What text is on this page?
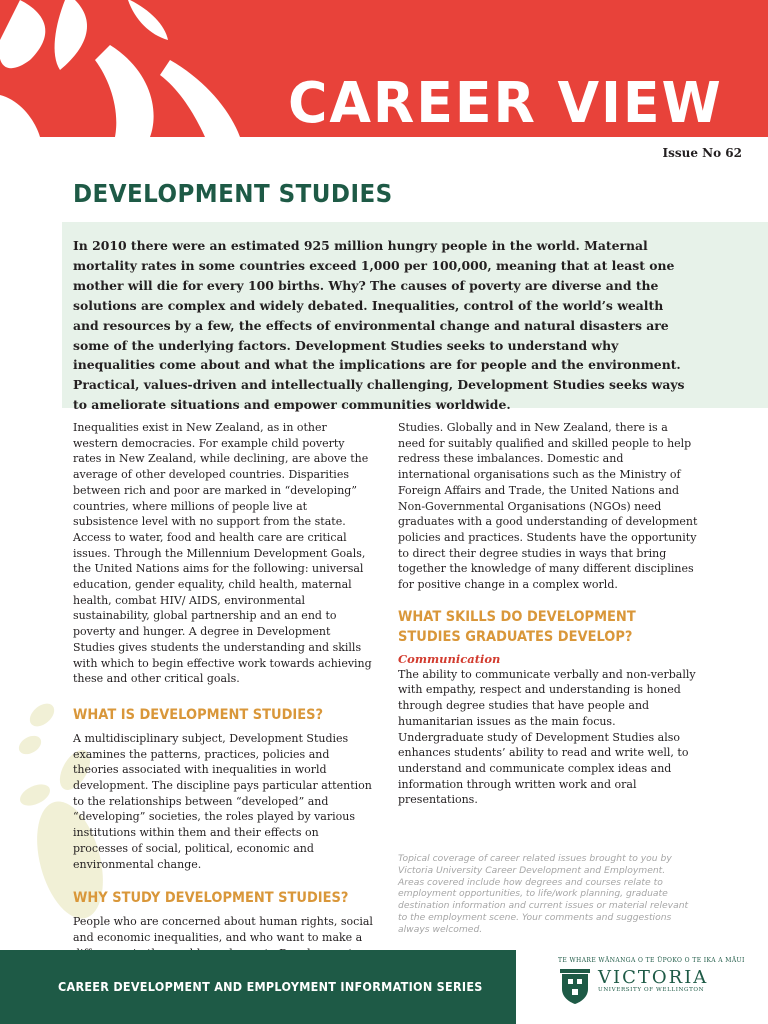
CAREER VIEW
Issue No 62
DEVELOPMENT STUDIES

In 2010 there were an estimated 925 million hungry people in the world. Maternal mortality rates in some countries exceed 1,000 per 100,000, meaning that at least one mother will die for every 100 births. Why? The causes of poverty are diverse and the solutions are complex and widely debated. Inequalities, control of the world’s wealth and resources by a few, the effects of environmental change and natural disasters are some of the underlying factors. Development Studies seeks to understand why inequalities come about and what the implications are for people and the environment. Practical, values-driven and intellectually challenging, Development Studies seeks ways to ameliorate situations and empower communities worldwide.

Inequalities exist in New Zealand, as in other western democracies. For example child poverty rates in New Zealand, while declining, are above the average of other developed countries. Disparities between rich and poor are marked in “developing” countries, where millions of people live at subsistence level with no support from the state. Access to water, food and health care are critical issues. Through the Millennium Development Goals, the United Nations aims for the following: universal education, gender equality, child health, maternal health, combat HIV/ AIDS, environmental sustainability, global partnership and an end to poverty and hunger. A degree in Development Studies gives students the understanding and skills with which to begin effective work towards achieving these and other critical goals.

WHAT IS DEVELOPMENT STUDIES?

A multidisciplinary subject, Development Studies examines the patterns, practices, policies and theories associated with inequalities in world development. The discipline pays particular attention to the relationships between “developed” and “developing” societies, the roles played by various institutions within them and their effects on processes of social, political, economic and environmental change.

WHY STUDY DEVELOPMENT STUDIES?

People who are concerned about human rights, social and economic inequalities, and who want to make a

Studies. Globally and in New Zealand, there is a need for suitably qualified and skilled people to help redress these imbalances. Domestic and international organisations such as the Ministry of Foreign Affairs and Trade, the United Nations and Non-Governmental Organisations (NGOs) need graduates with a good understanding of development policies and practices. Students have the opportunity to direct their degree studies in ways that bring together the knowledge of many different disciplines for positive change in a complex world.

WHAT SKILLS DO DEVELOPMENT
STUDIES GRADUATES DEVELOP?
Communication

The ability to communicate verbally and non-verbally with empathy, respect and understanding is honed through degree studies that have people and humanitarian issues as the main focus. Undergraduate study of Development Studies also enhances students’ ability to read and write well, to understand and communicate complex ideas and information through written work and oral presentations.

Topical coverage of career related issues brought to you by Victoria University Career Development and Employment.
Areas covered include how degrees and courses relate to employment opportunities, to life/work planning, graduate destination information and current issues or material relevant to the employment scene. Your comments and suggestions always welcomed.
CAREER DEVELOPMENT AND EMPLOYMENT INFORMATION SERIES
TE WHARE WĀNANGA O TE ŪPOKO O TE IKA A MĀUI
VICTORIA
UNIVERSITY OF WELLINGTON
